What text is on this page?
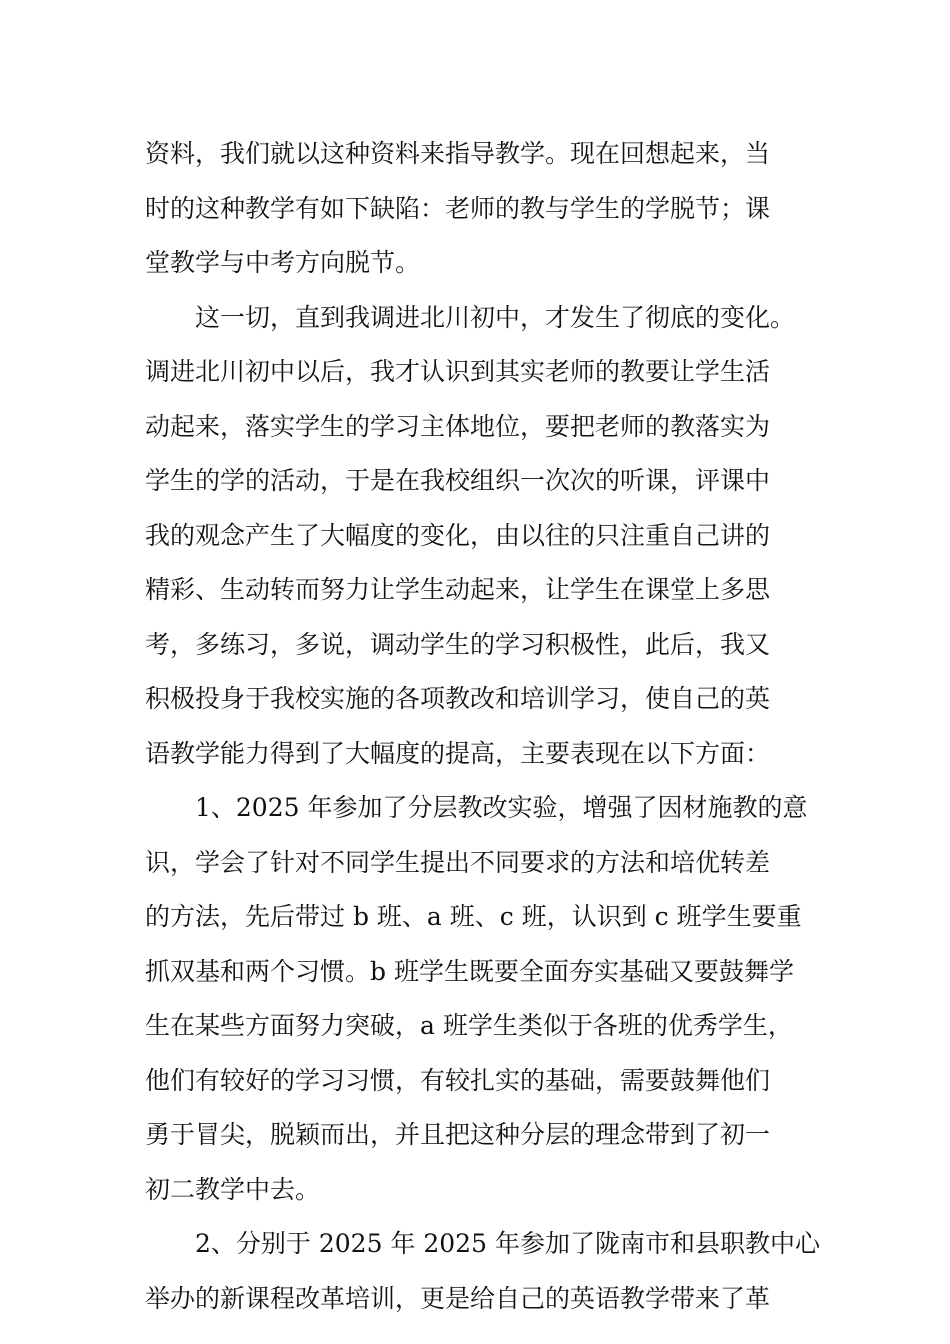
资料，我们就以这种资料来指导教学。现在回想起来，当
时的这种教学有如下缺陷：老师的教与学生的学脱节；课
堂教学与中考方向脱节。
这一切，直到我调进北川初中，才发生了彻底的变化。
调进北川初中以后，我才认识到其实老师的教要让学生活
动起来，落实学生的学习主体地位，要把老师的教落实为
学生的学的活动，于是在我校组织一次次的听课，评课中
我的观念产生了大幅度的变化，由以往的只注重自己讲的
精彩、生动转而努力让学生动起来，让学生在课堂上多思
考，多练习，多说，调动学生的学习积极性，此后，我又
积极投身于我校实施的各项教改和培训学习，使自己的英
语教学能力得到了大幅度的提高，主要表现在以下方面：
1、2025 年参加了分层教改实验，增强了因材施教的意
识，学会了针对不同学生提出不同要求的方法和培优转差
的方法，先后带过 b 班、a 班、c 班，认识到 c 班学生要重
抓双基和两个习惯。b 班学生既要全面夯实基础又要鼓舞学
生在某些方面努力突破，a 班学生类似于各班的优秀学生，
他们有较好的学习习惯，有较扎实的基础，需要鼓舞他们
勇于冒尖，脱颖而出，并且把这种分层的理念带到了初一
初二教学中去。
2、分别于 2025 年 2025 年参加了陇南市和县职教中心
举办的新课程改革培训，更是给自己的英语教学带来了革
